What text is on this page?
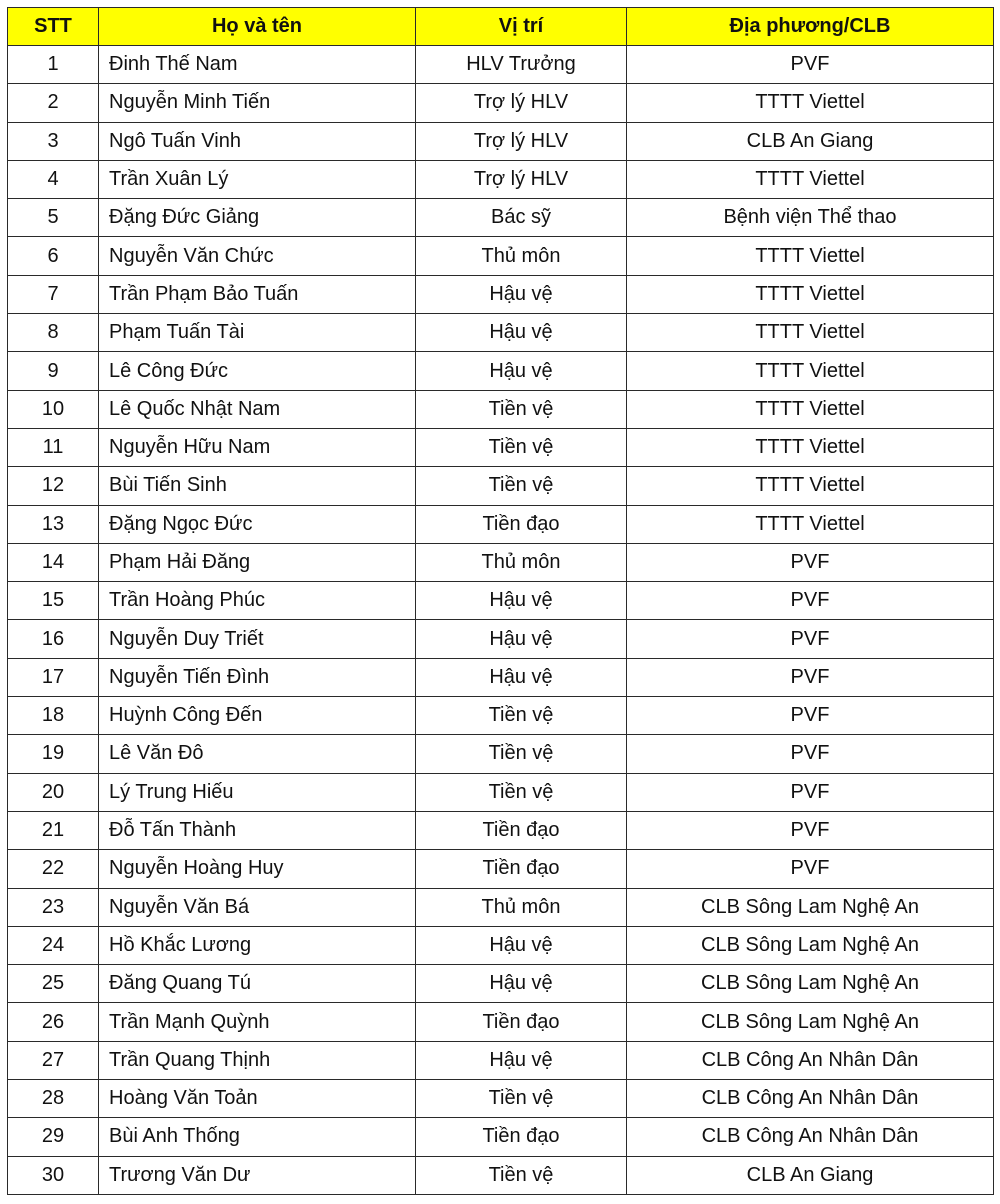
STT	Họ và tên	Vị trí	Địa phương/CLB
1	Đinh Thế Nam	HLV Trưởng	PVF
2	Nguyễn Minh Tiến	Trợ lý HLV	TTTT Viettel
3	Ngô Tuấn Vinh	Trợ lý HLV	CLB An Giang
4	Trần Xuân Lý	Trợ lý HLV	TTTT Viettel
5	Đặng Đức Giảng	Bác sỹ	Bệnh viện Thể thao
6	Nguyễn Văn Chức	Thủ môn	TTTT Viettel
7	Trần Phạm Bảo Tuấn	Hậu vệ	TTTT Viettel
8	Phạm Tuấn Tài	Hậu vệ	TTTT Viettel
9	Lê Công Đức	Hậu vệ	TTTT Viettel
10	Lê Quốc Nhật Nam	Tiền vệ	TTTT Viettel
11	Nguyễn Hữu Nam	Tiền vệ	TTTT Viettel
12	Bùi Tiến Sinh	Tiền vệ	TTTT Viettel
13	Đặng Ngọc Đức	Tiền đạo	TTTT Viettel
14	Phạm Hải Đăng	Thủ môn	PVF
15	Trần Hoàng Phúc	Hậu vệ	PVF
16	Nguyễn Duy Triết	Hậu vệ	PVF
17	Nguyễn Tiến Đình	Hậu vệ	PVF
18	Huỳnh Công Đến	Tiền vệ	PVF
19	Lê Văn Đô	Tiền vệ	PVF
20	Lý Trung Hiếu	Tiền vệ	PVF
21	Đỗ Tấn Thành	Tiền đạo	PVF
22	Nguyễn Hoàng Huy	Tiền đạo	PVF
23	Nguyễn Văn Bá	Thủ môn	CLB Sông Lam Nghệ An
24	Hồ Khắc Lương	Hậu vệ	CLB Sông Lam Nghệ An
25	Đăng Quang Tú	Hậu vệ	CLB Sông Lam Nghệ An
26	Trần Mạnh Quỳnh	Tiền đạo	CLB Sông Lam Nghệ An
27	Trần Quang Thịnh	Hậu vệ	CLB Công An Nhân Dân
28	Hoàng Văn Toản	Tiền vệ	CLB Công An Nhân Dân
29	Bùi Anh Thống	Tiền đạo	CLB Công An Nhân Dân
30	Trương Văn Dư	Tiền vệ	CLB An Giang
